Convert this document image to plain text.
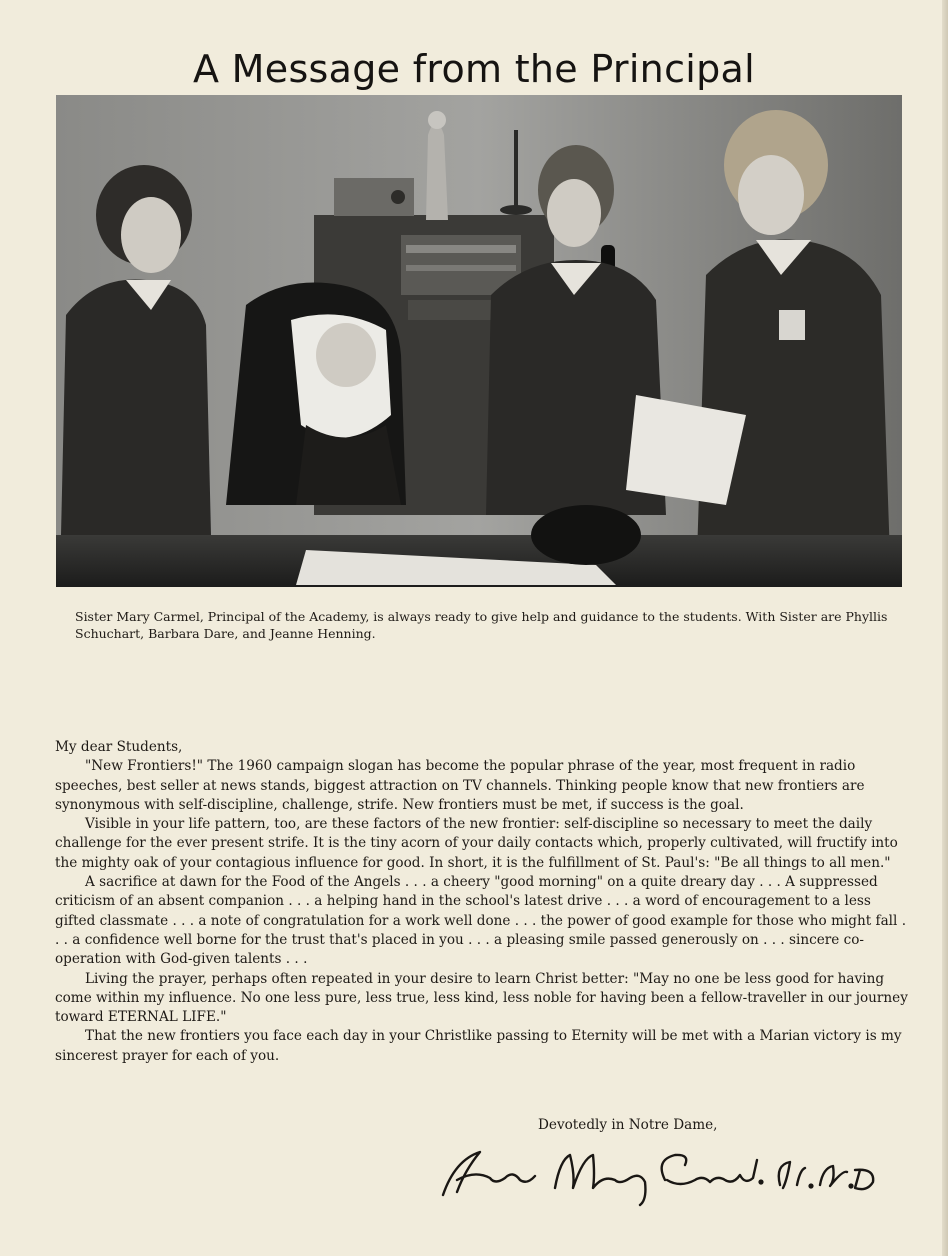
A Message from the Principal
Sister Mary Carmel, Principal of the Academy, is always ready to give help and guidance to the students. With Sister are Phyllis Schuchart, Barbara Dare, and Jeanne Henning.

My dear Students,

"New Frontiers!" The 1960 campaign slogan has become the popular phrase of the year, most frequent in radio speeches, best seller at news stands, biggest attraction on TV channels. Thinking people know that new frontiers are synonymous with self-discipline, challenge, strife. New frontiers must be met, if success is the goal.

Visible in your life pattern, too, are these factors of the new frontier: self-discipline so necessary to meet the daily challenge for the ever present strife. It is the tiny acorn of your daily contacts which, properly cultivated, will fructify into the mighty oak of your contagious influence for good. In short, it is the fulfillment of St. Paul's: "Be all things to all men."

A sacrifice at dawn for the Food of the Angels . . . a cheery "good morning" on a quite dreary day . . . A suppressed criticism of an absent companion . . . a helping hand in the school's latest drive . . . a word of encouragement to a less gifted classmate . . . a note of congratulation for a work well done . . . the power of good example for those who might fall . . . a confidence well borne for the trust that's placed in you . . . a pleasing smile passed generously on . . . sincere co-operation with God-given talents . . .

Living the prayer, perhaps often repeated in your desire to learn Christ better: "May no one be less good for having come within my influence. No one less pure, less true, less kind, less noble for having been a fellow-traveller in our journey toward ETERNAL LIFE."

That the new frontiers you face each day in your Christlike passing to Eternity will be met with a Marian victory is my sincerest prayer for each of you.

Devotedly in Notre Dame,
